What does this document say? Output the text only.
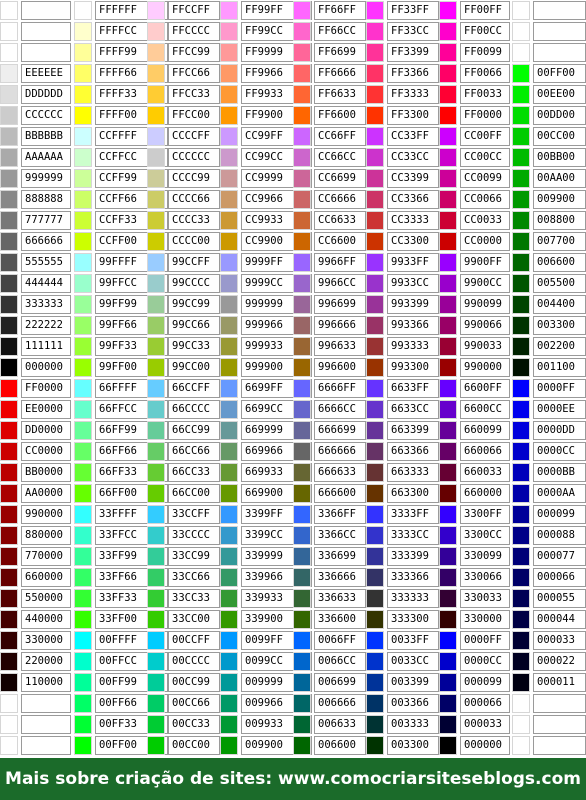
FFFFFF	FFCCFF	FF99FF	FF66FF	FF33FF	FF00FF
FFFFCC	FFCCCC	FF99CC	FF66CC	FF33CC	FF00CC
FFFF99	FFCC99	FF9999	FF6699	FF3399	FF0099
EEEEEE	FFFF66	FFCC66	FF9966	FF6666	FF3366	FF0066	00FF00
DDDDDD	FFFF33	FFCC33	FF9933	FF6633	FF3333	FF0033	00EE00
CCCCCC	FFFF00	FFCC00	FF9900	FF6600	FF3300	FF0000	00DD00
BBBBBB	CCFFFF	CCCCFF	CC99FF	CC66FF	CC33FF	CC00FF	00CC00
AAAAAA	CCFFCC	CCCCCC	CC99CC	CC66CC	CC33CC	CC00CC	00BB00
999999	CCFF99	CCCC99	CC9999	CC6699	CC3399	CC0099	00AA00
888888	CCFF66	CCCC66	CC9966	CC6666	CC3366	CC0066	009900
777777	CCFF33	CCCC33	CC9933	CC6633	CC3333	CC0033	008800
666666	CCFF00	CCCC00	CC9900	CC6600	CC3300	CC0000	007700
555555	99FFFF	99CCFF	9999FF	9966FF	9933FF	9900FF	006600
444444	99FFCC	99CCCC	9999CC	9966CC	9933CC	9900CC	005500
333333	99FF99	99CC99	999999	996699	993399	990099	004400
222222	99FF66	99CC66	999966	996666	993366	990066	003300
111111	99FF33	99CC33	999933	996633	993333	990033	002200
000000	99FF00	99CC00	999900	996600	993300	990000	001100
FF0000	66FFFF	66CCFF	6699FF	6666FF	6633FF	6600FF	0000FF
EE0000	66FFCC	66CCCC	6699CC	6666CC	6633CC	6600CC	0000EE
DD0000	66FF99	66CC99	669999	666699	663399	660099	0000DD
CC0000	66FF66	66CC66	669966	666666	663366	660066	0000CC
BB0000	66FF33	66CC33	669933	666633	663333	660033	0000BB
AA0000	66FF00	66CC00	669900	666600	663300	660000	0000AA
990000	33FFFF	33CCFF	3399FF	3366FF	3333FF	3300FF	000099
880000	33FFCC	33CCCC	3399CC	3366CC	3333CC	3300CC	000088
770000	33FF99	33CC99	339999	336699	333399	330099	000077
660000	33FF66	33CC66	339966	336666	333366	330066	000066
550000	33FF33	33CC33	339933	336633	333333	330033	000055
440000	33FF00	33CC00	339900	336600	333300	330000	000044
330000	00FFFF	00CCFF	0099FF	0066FF	0033FF	0000FF	000033
220000	00FFCC	00CCCC	0099CC	0066CC	0033CC	0000CC	000022
110000	00FF99	00CC99	009999	006699	003399	000099	000011
00FF66	00CC66	009966	006666	003366	000066
00FF33	00CC33	009933	006633	003333	000033
00FF00	00CC00	009900	006600	003300	000000
Mais sobre criação de sites: www.comocriarsiteseblogs.com
